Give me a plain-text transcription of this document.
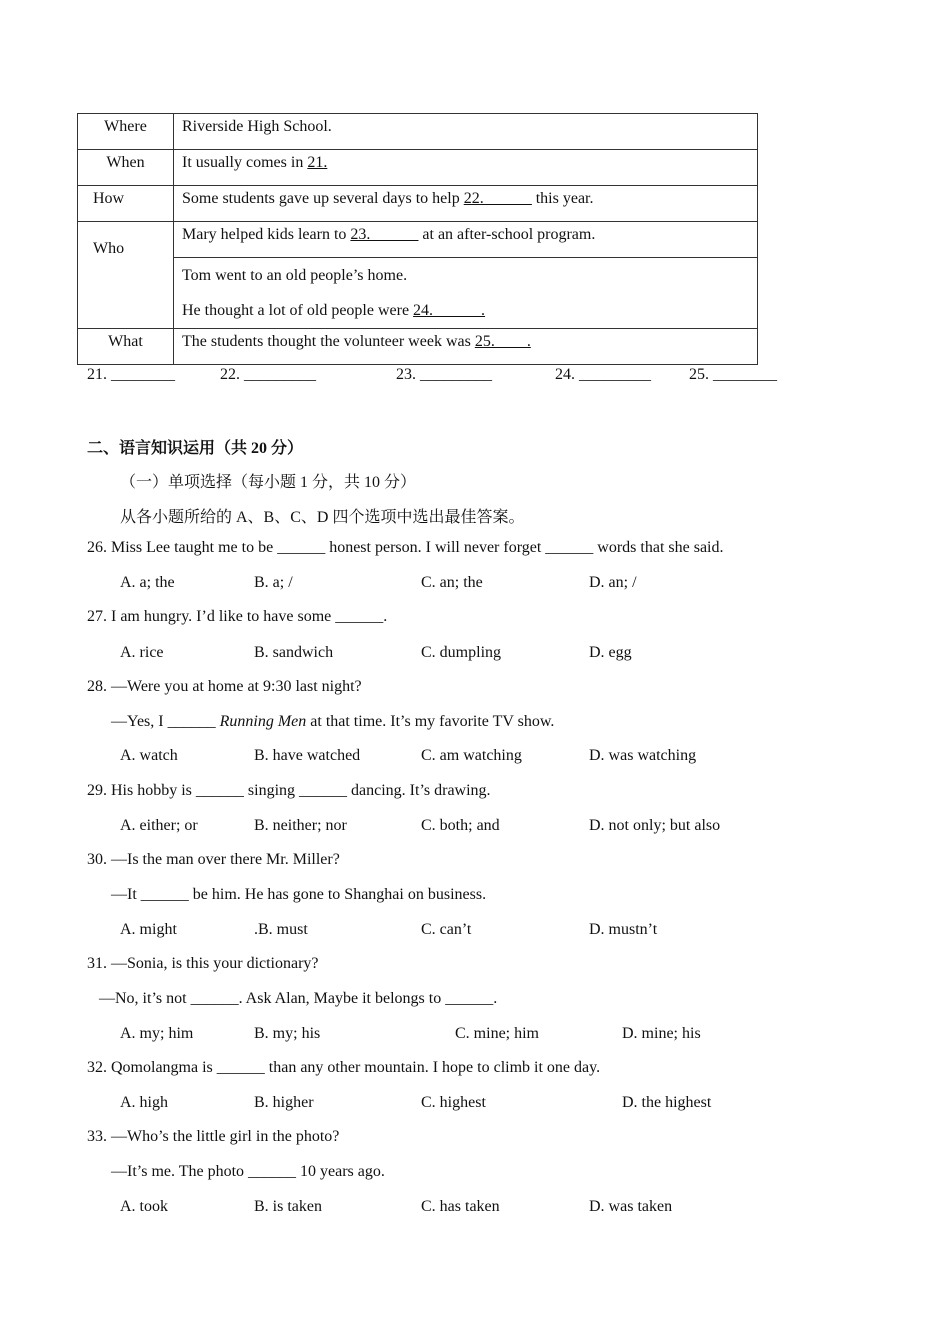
Where	Riverside High School.
When	It usually comes in 21.
How	Some students gave up several days to help 22.______ this year.
Who	Mary helped kids learn to 23.______ at an after-school program.

	Tom went to an old people’s home.
He thought a lot of old people were 24.______.

What	The students thought the volunteer week was 25.____.
21. ________	22. _________	23. _________	24. _________ 25. ________
二、语言知识运用（共 20 分）
（一）单项选择（每小题 1 分，共 10 分）
从各小题所给的 A、B、C、D 四个选项中选出最佳答案。
26. Miss Lee taught me to be ______ honest person. I will never forget ______ words that she said.
A. a; the	B. a; /	C. an; the	D. an; /
27. I am hungry. I’d like to have some ______.
A. rice	B. sandwich	C. dumpling	D. egg
28. —Were you at home at 9:30 last night?
—Yes, I ______ Running Men at that time. It’s my favorite TV show.
A. watch	B. have watched	C. am watching	D. was watching
29. His hobby is ______ singing ______ dancing. It’s drawing.
A. either; or	B. neither; nor	C. both; and	D. not only; but also
30. —Is the man over there Mr. Miller?
—It ______ be him. He has gone to Shanghai on business.
A. might	.B. must	C. can’t	D. mustn’t
31. —Sonia, is this your dictionary?
—No, it’s not ______. Ask Alan, Maybe it belongs to ______.
A. my; him	B. my; his	C. mine; him	D. mine; his
32. Qomolangma is ______ than any other mountain. I hope to climb it one day.
A. high	B. higher	C. highest	D. the highest
33. —Who’s the little girl in the photo?
—It’s me. The photo ______ 10 years ago.
A. took	B. is taken	C. has taken	D. was taken
